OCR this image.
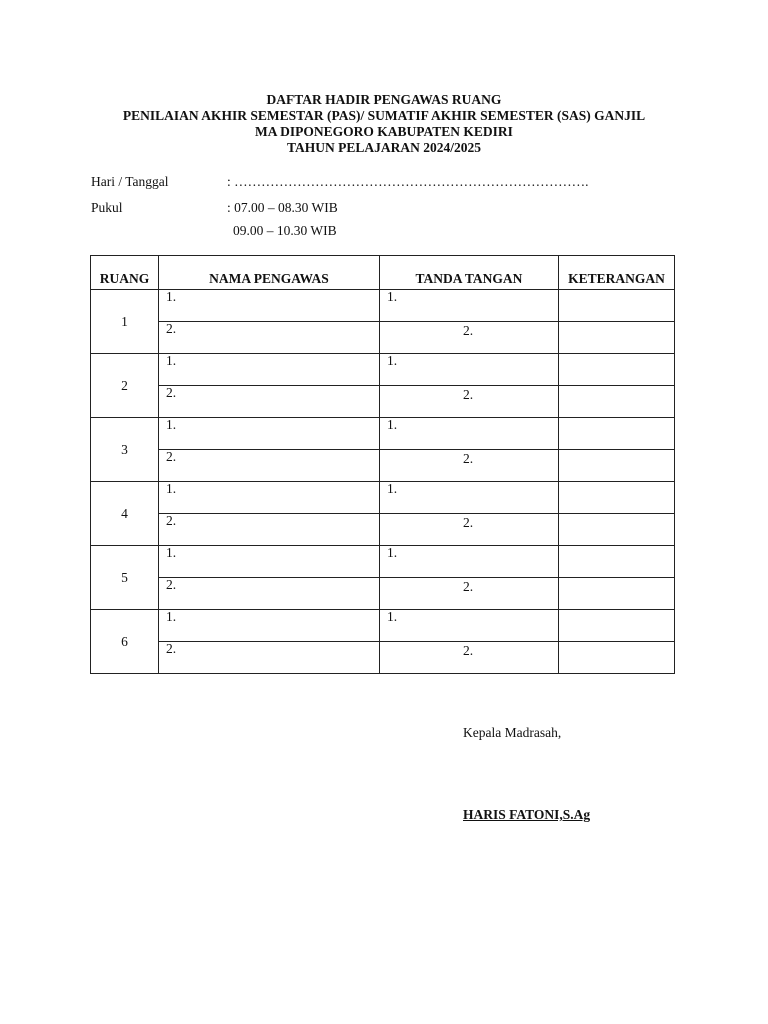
DAFTAR HADIR PENGAWAS RUANG
PENILAIAN AKHIR SEMESTAR (PAS)/ SUMATIF AKHIR SEMESTER (SAS) GANJIL
MA DIPONEGORO KABUPATEN KEDIRI
TAHUN PELAJARAN 2024/2025
Hari / Tanggal	: …………………………………………………………………….
Pukul	: 07.00 – 08.30 WIB
09.00 – 10.30 WIB
RUANG	NAMA PENGAWAS	TANDA TANGAN	KETERANGAN
1	1.	1.	

	2.	2.	

2	1.	1.	

	2.	2.	

3	1.	1.	

	2.	2.	

4	1.	1.	

	2.	2.	

5	1.	1.	

	2.	2.	

6	1.	1.	

	2.	2.	

Kepala Madrasah,
HARIS FATONI,S.Ag
